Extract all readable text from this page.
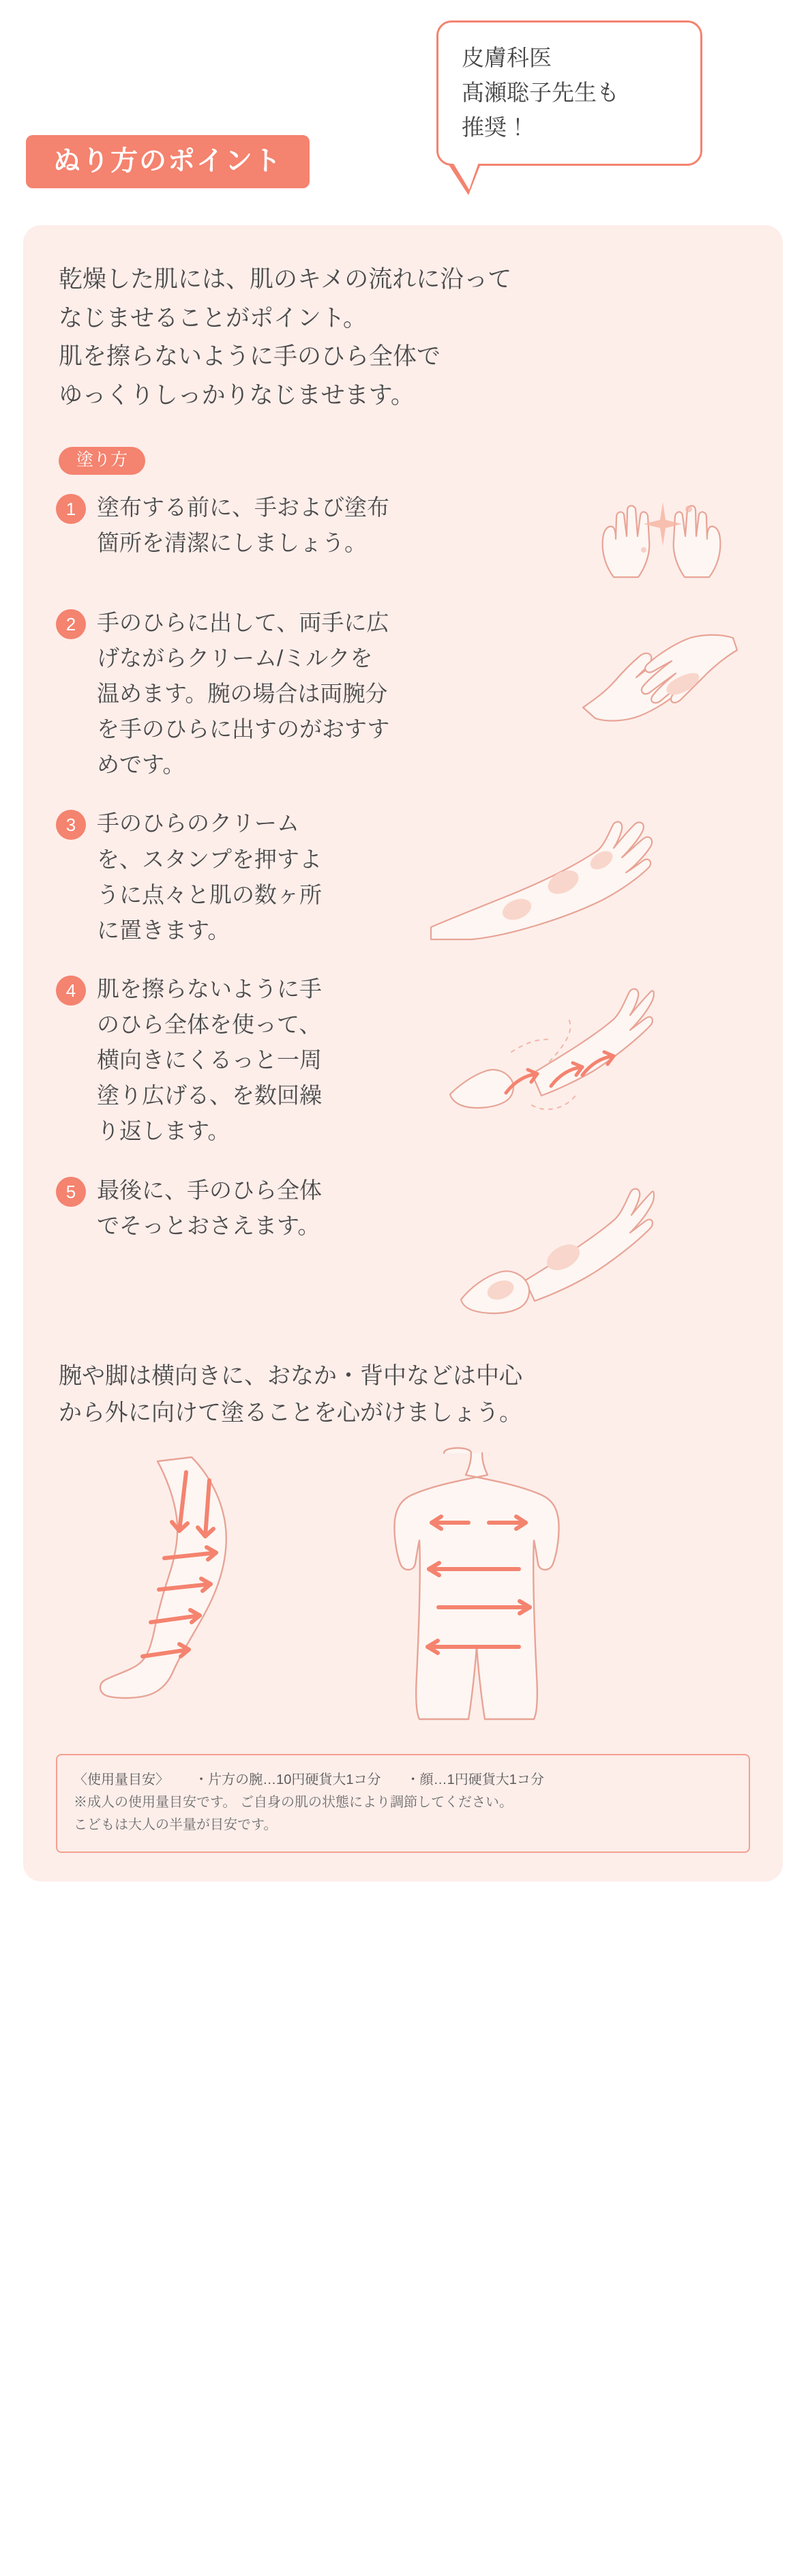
皮膚科医
髙瀬聡子先生も
推奨！
ぬり方のポイント
乾燥した肌には、肌のキメの流れに沿って
なじませることがポイント。
肌を擦らないように手のひら全体で
ゆっくりしっかりなじませます。
塗り方
1 塗布する前に、手および塗布
箇所を清潔にしましょう。
2 手のひらに出して、両手に広
げながらクリーム/ミルクを
温めます。腕の場合は両腕分
を手のひらに出すのがおすす
めです。
3 手のひらのクリーム
を、スタンプを押すよ
うに点々と肌の数ヶ所
に置きます。
4 肌を擦らないように手
のひら全体を使って、
横向きにくるっと一周
塗り広げる、を数回繰
り返します。
5 最後に、手のひら全体
でそっとおさえます。
腕や脚は横向きに、おなか・背中などは中心
から外に向けて塗ることを心がけましょう。
〈使用量目安〉 ・片方の腕…10円硬貨大1コ分 ・顔…1円硬貨大1コ分
※成人の使用量目安です。 ご自身の肌の状態により調節してください。
こどもは大人の半量が目安です。
